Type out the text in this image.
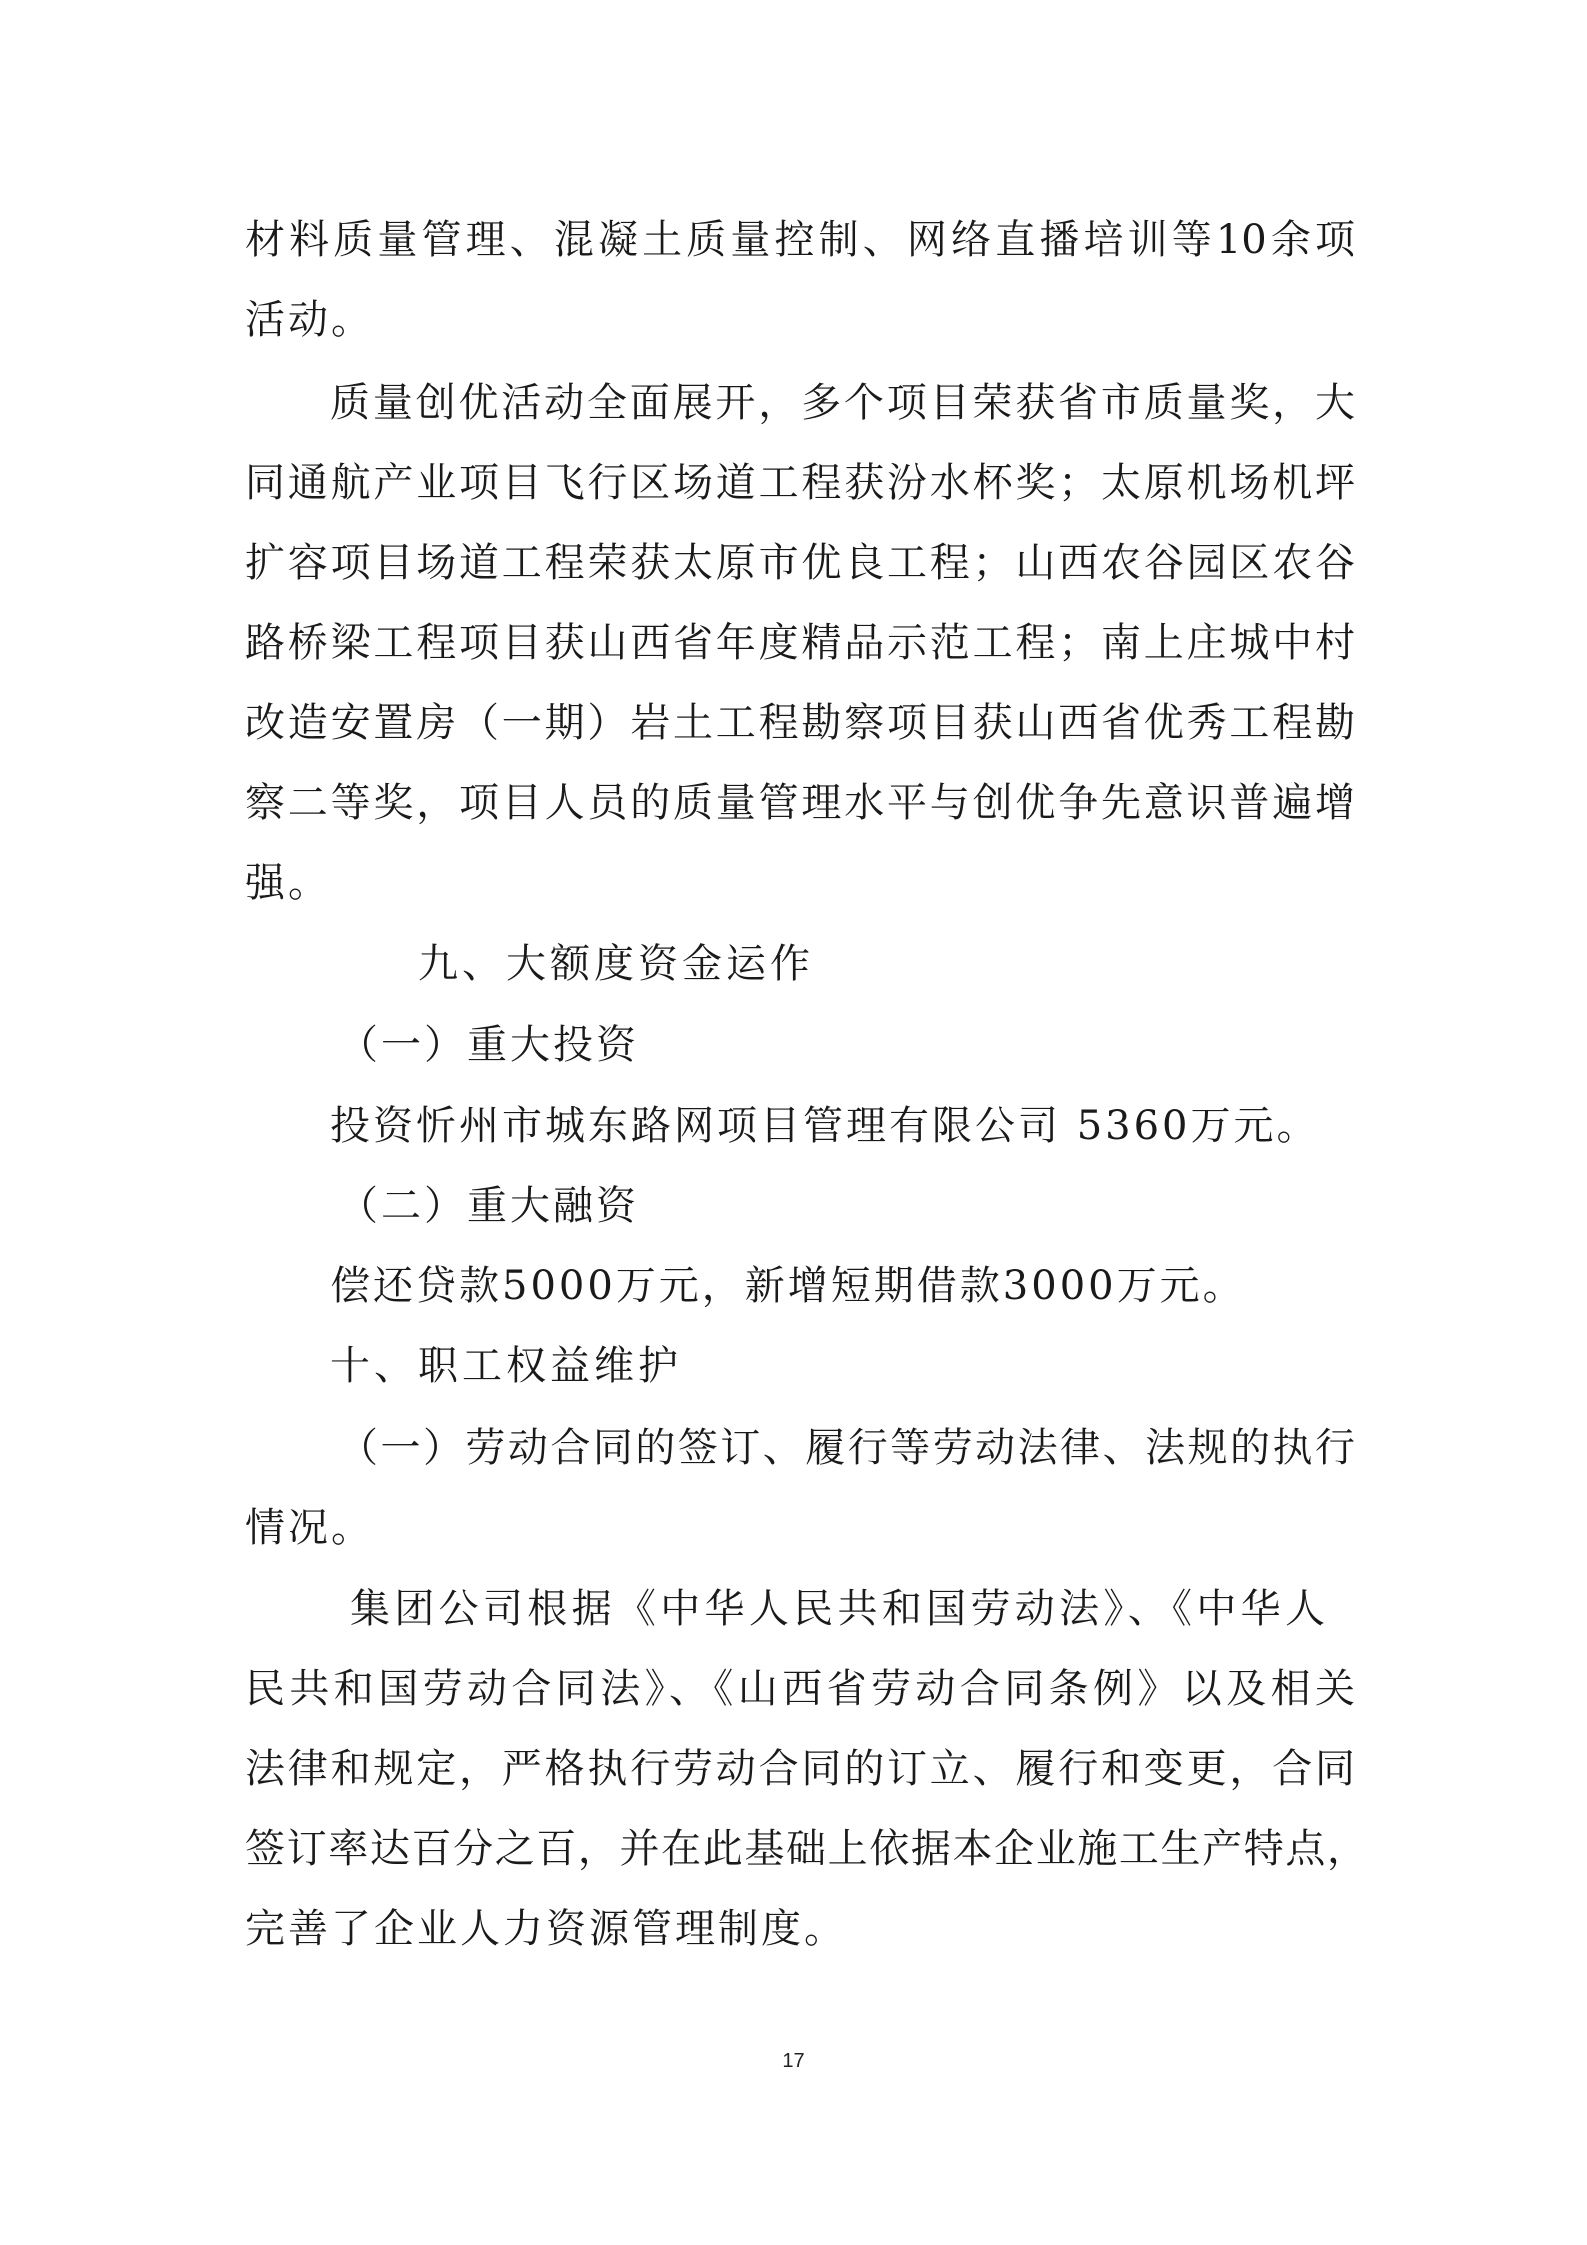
材料质量管理、混凝土质量控制、网络直播培训等10余项
活动。
质量创优活动全面展开，多个项目荣获省市质量奖，大
同通航产业项目飞行区场道工程获汾水杯奖；太原机场机坪
扩容项目场道工程荣获太原市优良工程；山西农谷园区农谷
路桥梁工程项目获山西省年度精品示范工程；南上庄城中村
改造安置房（一期）岩土工程勘察项目获山西省优秀工程勘
察二等奖，项目人员的质量管理水平与创优争先意识普遍增
强。
九、大额度资金运作
（一）重大投资
投资忻州市城东路网项目管理有限公司 5360万元。
（二）重大融资
偿还贷款5000万元，新增短期借款3000万元。
十、职工权益维护
（一）劳动合同的签订、履行等劳动法律、法规的执行
情况。
集团公司根据《中华人民共和国劳动法》、《中华人
民共和国劳动合同法》、《山西省劳动合同条例》以及相关
法律和规定，严格执行劳动合同的订立、履行和变更，合同
签订率达百分之百，并在此基础上依据本企业施工生产特点，
完善了企业人力资源管理制度。
17
